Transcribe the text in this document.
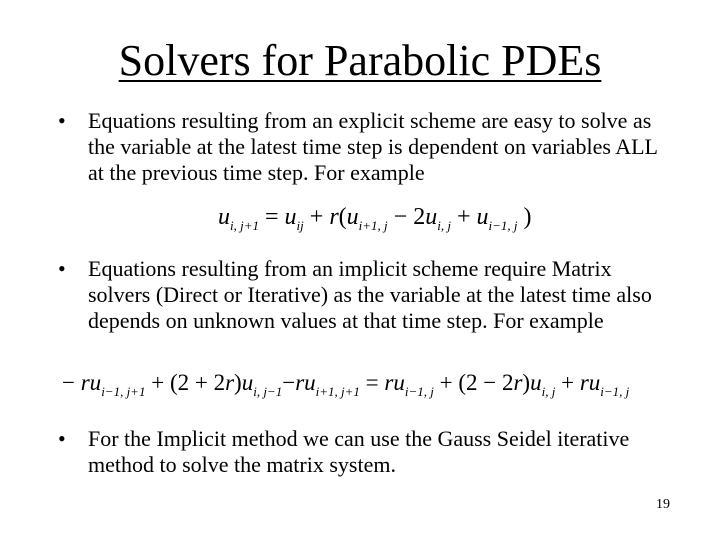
Solvers for Parabolic PDEs
•	Equations resulting from an explicit scheme are easy to solve as the variable at the latest time step is dependent on variables ALL at the previous time step. For example
$u_{i, j+1} = u_{ij} + r(u_{i+1, j} - 2u_{i, j} + u_{i-1, j}$ )
•	Equations resulting from an implicit scheme require Matrix solvers (Direct or Iterative) as the variable at the latest time also depends on unknown values at that time step. For example
− $ru_{i-1, j+1} + (2 + 2r)u_{i, j-1}-ru_{i+1, j+1} = ru_{i-1, j} + (2 - 2r)u_{i, j} + ru_{i-1, j}$
•	For the Implicit method we can use the Gauss Seidel iterative method to solve the matrix system.
19
